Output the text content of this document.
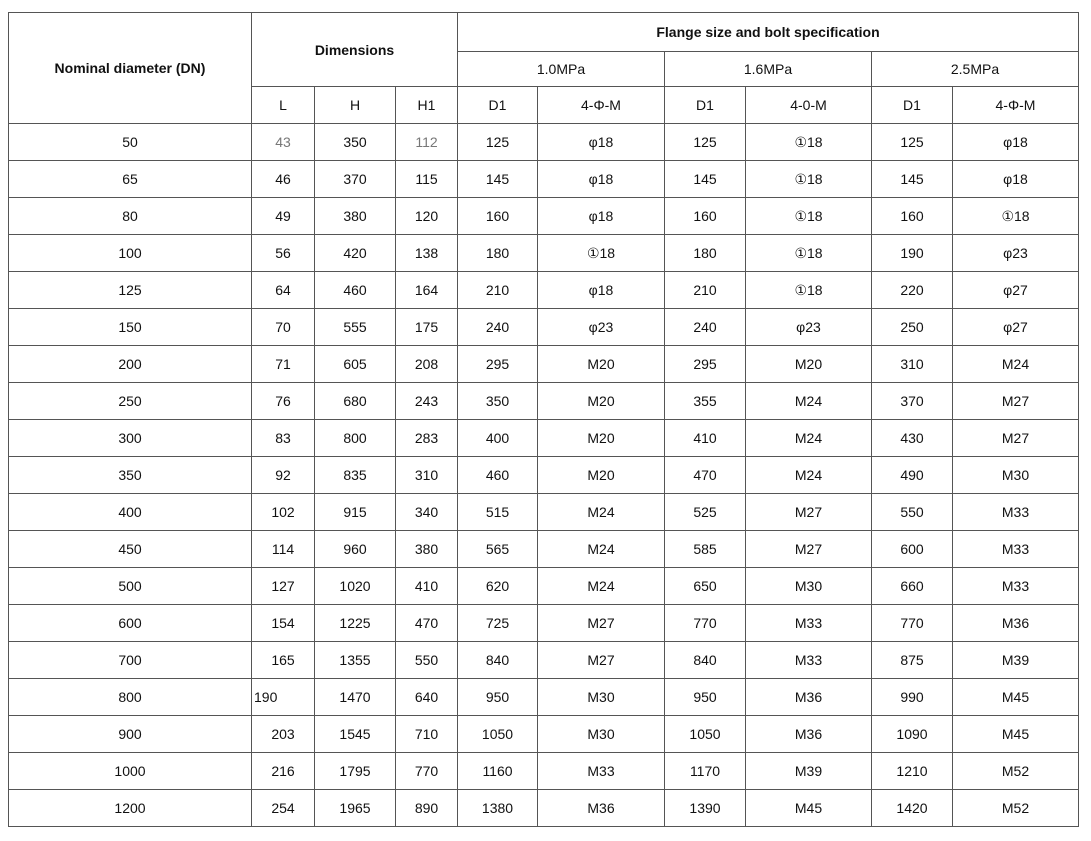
Nominal diameter (DN)	Dimensions			Flange size and bolt specification					
				1.0MPa		1.6MPa		2.5MPa	
	L	H	H1	D1	4-Φ-M	D1	4-0-M	D1	4-Φ-M
50	43	350	112	125	φ18	125	①18	125	φ18
65	46	370	115	145	φ18	145	①18	145	φ18
80	49	380	120	160	φ18	160	①18	160	①18
100	56	420	138	180	①18	180	①18	190	φ23
125	64	460	164	210	φ18	210	①18	220	φ27
150	70	555	175	240	φ23	240	φ23	250	φ27
200	71	605	208	295	M20	295	M20	310	M24
250	76	680	243	350	M20	355	M24	370	M27
300	83	800	283	400	M20	410	M24	430	M27
350	92	835	310	460	M20	470	M24	490	M30
400	102	915	340	515	M24	525	M27	550	M33
450	114	960	380	565	M24	585	M27	600	M33
500	127	1020	410	620	M24	650	M30	660	M33
600	154	1225	470	725	M27	770	M33	770	M36
700	165	1355	550	840	M27	840	M33	875	M39
800	190	1470	640	950	M30	950	M36	990	M45
900	203	1545	710	1050	M30	1050	M36	1090	M45
1000	216	1795	770	1160	M33	1170	M39	1210	M52
1200	254	1965	890	1380	M36	1390	M45	1420	M52
